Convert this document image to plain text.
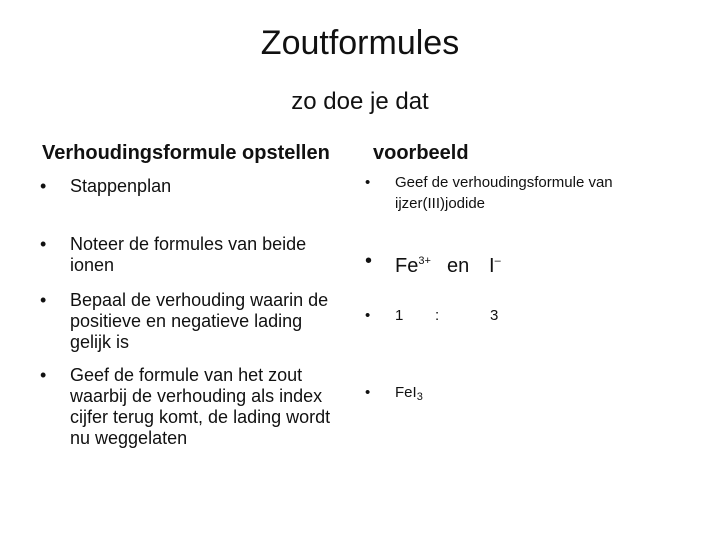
Zoutformules
zo doe je dat
Verhoudingsformule opstellen
•	Stappenplan
•	Noteer de formules van beide ionen
•	Bepaal de verhouding waarin de positieve en negatieve lading gelijk is
•	Geef de formule van het zout waarbij de verhouding als index cijfer terug komt, de lading wordt nu weggelaten
voorbeeld
•	Geef de verhoudingsformule van ijzer(III)jodide
•	$Fe^{3+}$ en I–
•	1	:	3
•	FeI$_3$
